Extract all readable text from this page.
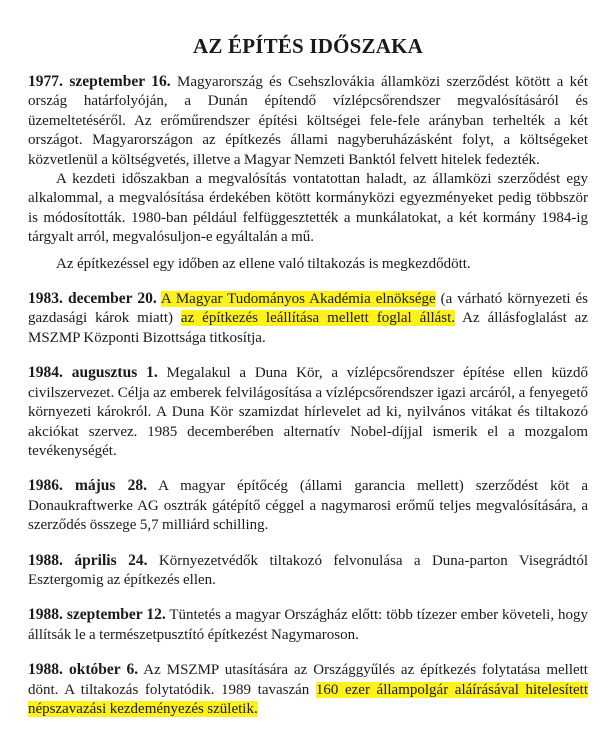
AZ ÉPÍTÉS IDŐSZAKA

1977. szeptember 16. Magyarország és Csehszlovákia államközi szerződést kötött a két ország határfolyóján, a Dunán építendő vízlépcsőrendszer megvalósításáról és üzemeltetéséről. Az erőműrendszer építési költségei fele-fele arányban terhelték a két országot. Magyarországon az építkezés állami nagyberuházásként folyt, a költségeket közvetlenül a költségvetés, illetve a Magyar Nemzeti Banktól felvett hitelek fedezték.

A kezdeti időszakban a megvalósítás vontatottan haladt, az államközi szerződést egy alkalommal, a megvalósítása érdekében kötött kormányközi egyezményeket pedig többször is módosították. 1980-ban például felfüggesztették a munkálatokat, a két kormány 1984-ig tárgyalt arról, megvalósuljon-e egyáltalán a mű.

Az építkezéssel egy időben az ellene való tiltakozás is megkezdődött.

1983. december 20. A Magyar Tudományos Akadémia elnöksége (a várható környezeti és gazdasági károk miatt) az építkezés leállítása mellett foglal állást. Az állásfoglalást az MSZMP Központi Bizottsága titkosítja.

1984. augusztus 1. Megalakul a Duna Kör, a vízlépcsőrendszer építése ellen küzdő civilszervezet. Célja az emberek felvilágosítása a vízlépcsőrendszer igazi arcáról, a fenyegető környezeti károkról. A Duna Kör szamizdat hírlevelet ad ki, nyilvános vitákat és tiltakozó akciókat szervez. 1985 decemberében alternatív Nobel-díjjal ismerik el a mozgalom tevékenységét.

1986. május 28. A magyar építőcég (állami garancia mellett) szerződést köt a Donaukraftwerke AG osztrák gátépítő céggel a nagymarosi erőmű teljes megvalósítására, a szerződés összege 5,7 milliárd schilling.

1988. április 24. Környezetvédők tiltakozó felvonulása a Duna-parton Visegrádtól Esztergomig az építkezés ellen.

1988. szeptember 12. Tüntetés a magyar Országház előtt: több tízezer ember követeli, hogy állítsák le a természetpusztító építkezést Nagymaroson.

1988. október 6. Az MSZMP utasítására az Országgyűlés az építkezés folytatása mellett dönt. A tiltakozás folytatódik. 1989 tavaszán 160 ezer állampolgár aláírásával hitelesített népszavazási kezdeményezés születik.
